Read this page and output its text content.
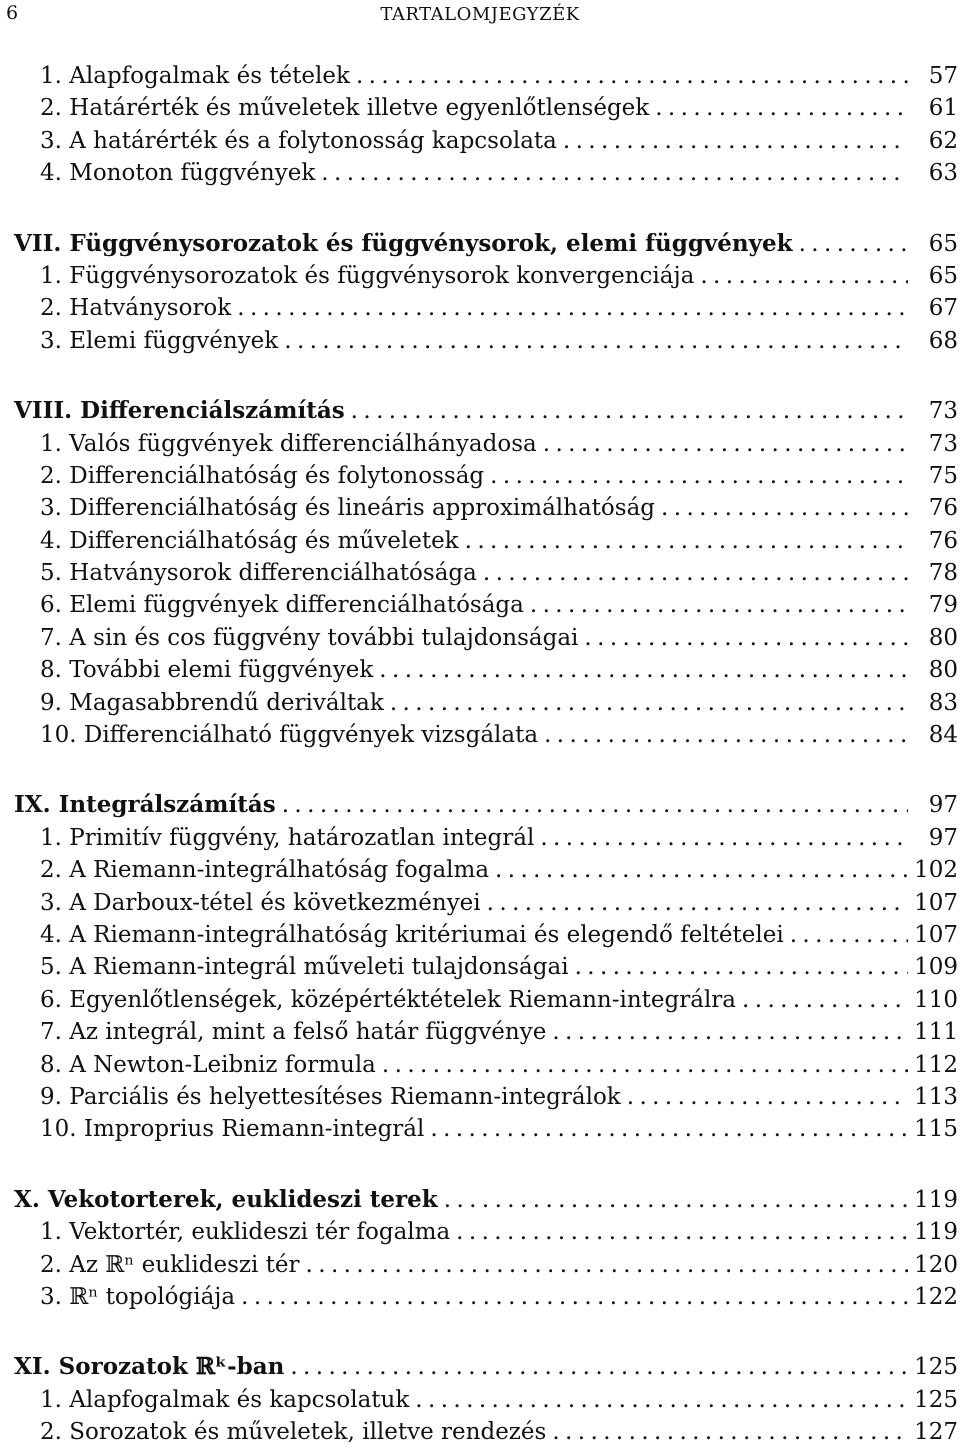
6	TARTALOMJEGYZÉK
1. Alapfogalmak és tételek .....	57
2. Határérték és műveletek illetve egyenlőtlenségek .....	61
3. A határérték és a folytonosság kapcsolata .....	62
4. Monoton függvények .....	63
VII. Függvénysorozatok és függvénysorok, elemi függvények .....	65
1. Függvénysorozatok és függvénysorok konvergenciája .....	65
2. Hatványsorok .....	67
3. Elemi függvények .....	68
VIII. Differenciálszámítás .....	73
1. Valós függvények differenciálhányadosa .....	73
2. Differenciálhatóság és folytonosság .....	75
3. Differenciálhatóság és lineáris approximálhatóság .....	76
4. Differenciálhatóság és műveletek .....	76
5. Hatványsorok differenciálhatósága .....	78
6. Elemi függvények differenciálhatósága .....	79
7. A sin és cos függvény további tulajdonságai .....	80
8. További elemi függvények .....	80
9. Magasabbrendű deriváltak .....	83
10. Differenciálható függvények vizsgálata .....	84
IX. Integrálszámítás .....	97
1. Primitív függvény, határozatlan integrál .....	97
2. A Riemann-integrálhatóság fogalma .....	102
3. A Darboux-tétel és következményei .....	107
4. A Riemann-integrálhatóság kritériumai és elegendő feltételei .....	107
5. A Riemann-integrál műveleti tulajdonságai .....	109
6. Egyenlőtlenségek, középértéktételek Riemann-integrálra .....	110
7. Az integrál, mint a felső határ függvénye .....	111
8. A Newton-Leibniz formula .....	112
9. Parciális és helyettesítéses Riemann-integrálok .....	113
10. Improprius Riemann-integrál .....	115
X. Vekotorterek, euklideszi terek .....	119
1. Vektortér, euklideszi tér fogalma .....	119
2. Az ℝⁿ euklideszi tér .....	120
3. ℝⁿ topológiája .....	122
XI. Sorozatok ℝᵏ-ban .....	125
1. Alapfogalmak és kapcsolatuk .....	125
2. Sorozatok és műveletek, illetve rendezés .....	127
